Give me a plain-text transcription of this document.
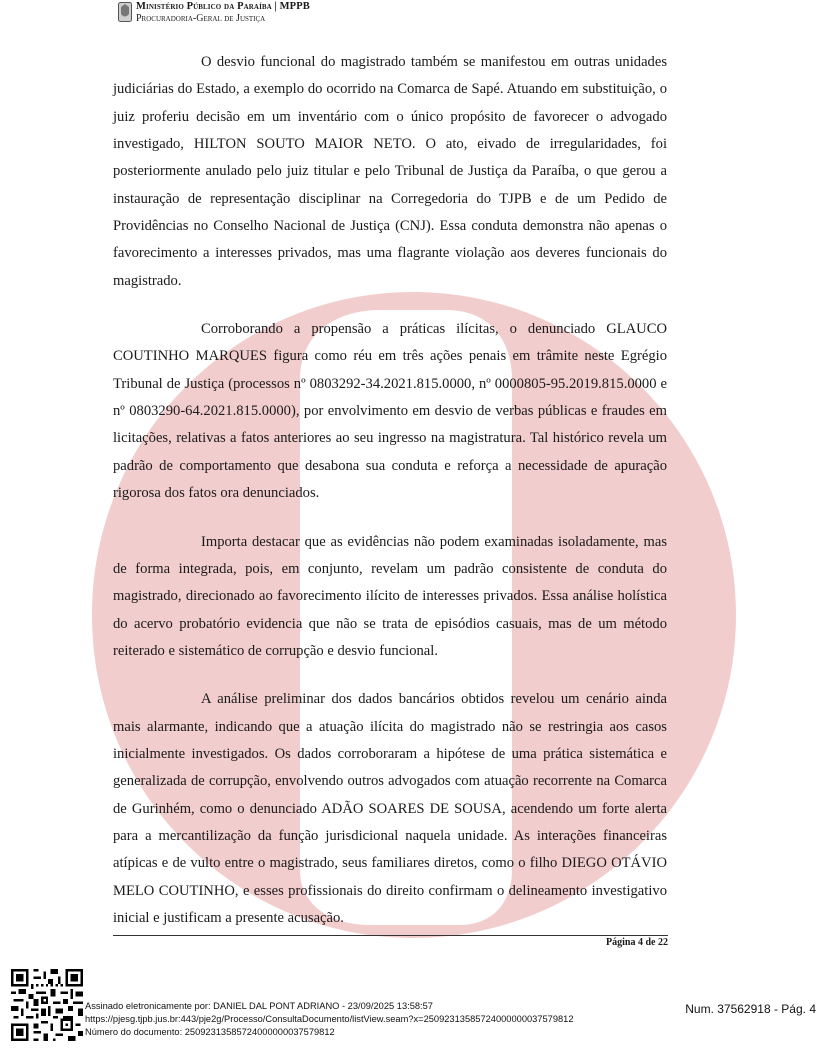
Ministério Público da Paraíba | MPPB
Procuradoria-Geral de Justiça

O desvio funcional do magistrado também se manifestou em outras unidades judiciárias do Estado, a exemplo do ocorrido na Comarca de Sapé. Atuando em substituição, o juiz proferiu decisão em um inventário com o único propósito de favorecer o advogado investigado, HILTON SOUTO MAIOR NETO. O ato, eivado de irregularidades, foi posteriormente anulado pelo juiz titular e pelo Tribunal de Justiça da Paraíba, o que gerou a instauração de representação disciplinar na Corregedoria do TJPB e de um Pedido de Providências no Conselho Nacional de Justiça (CNJ). Essa conduta demonstra não apenas o favorecimento a interesses privados, mas uma flagrante violação aos deveres funcionais do magistrado.

Corroborando a propensão a práticas ilícitas, o denunciado GLAUCO COUTINHO MARQUES figura como réu em três ações penais em trâmite neste Egrégio Tribunal de Justiça (processos nº 0803292-34.2021.815.0000, nº 0000805-95.2019.815.0000 e nº 0803290-64.2021.815.0000), por envolvimento em desvio de verbas públicas e fraudes em licitações, relativas a fatos anteriores ao seu ingresso na magistratura. Tal histórico revela um padrão de comportamento que desabona sua conduta e reforça a necessidade de apuração rigorosa dos fatos ora denunciados.

Importa destacar que as evidências não podem examinadas isoladamente, mas de forma integrada, pois, em conjunto, revelam um padrão consistente de conduta do magistrado, direcionado ao favorecimento ilícito de interesses privados. Essa análise holística do acervo probatório evidencia que não se trata de episódios casuais, mas de um método reiterado e sistemático de corrupção e desvio funcional.

A análise preliminar dos dados bancários obtidos revelou um cenário ainda mais alarmante, indicando que a atuação ilícita do magistrado não se restringia aos casos inicialmente investigados. Os dados corroboraram a hipótese de uma prática sistemática e generalizada de corrupção, envolvendo outros advogados com atuação recorrente na Comarca de Gurinhém, como o denunciado ADÃO SOARES DE SOUSA, acendendo um forte alerta para a mercantilização da função jurisdicional naquela unidade. As interações financeiras atípicas e de vulto entre o magistrado, seus familiares diretos, como o filho DIEGO OTÁVIO MELO COUTINHO, e esses profissionais do direito confirmam o delineamento investigativo inicial e justificam a presente acusação.

Página 4 de 22
Assinado eletronicamente por: DANIEL DAL PONT ADRIANO - 23/09/2025 13:58:57
https://pjesg.tjpb.jus.br:443/pje2g/Processo/ConsultaDocumento/listView.seam?x=25092313585724000000037579812
Número do documento: 25092313585724000000037579812
Num. 37562918 - Pág. 4
